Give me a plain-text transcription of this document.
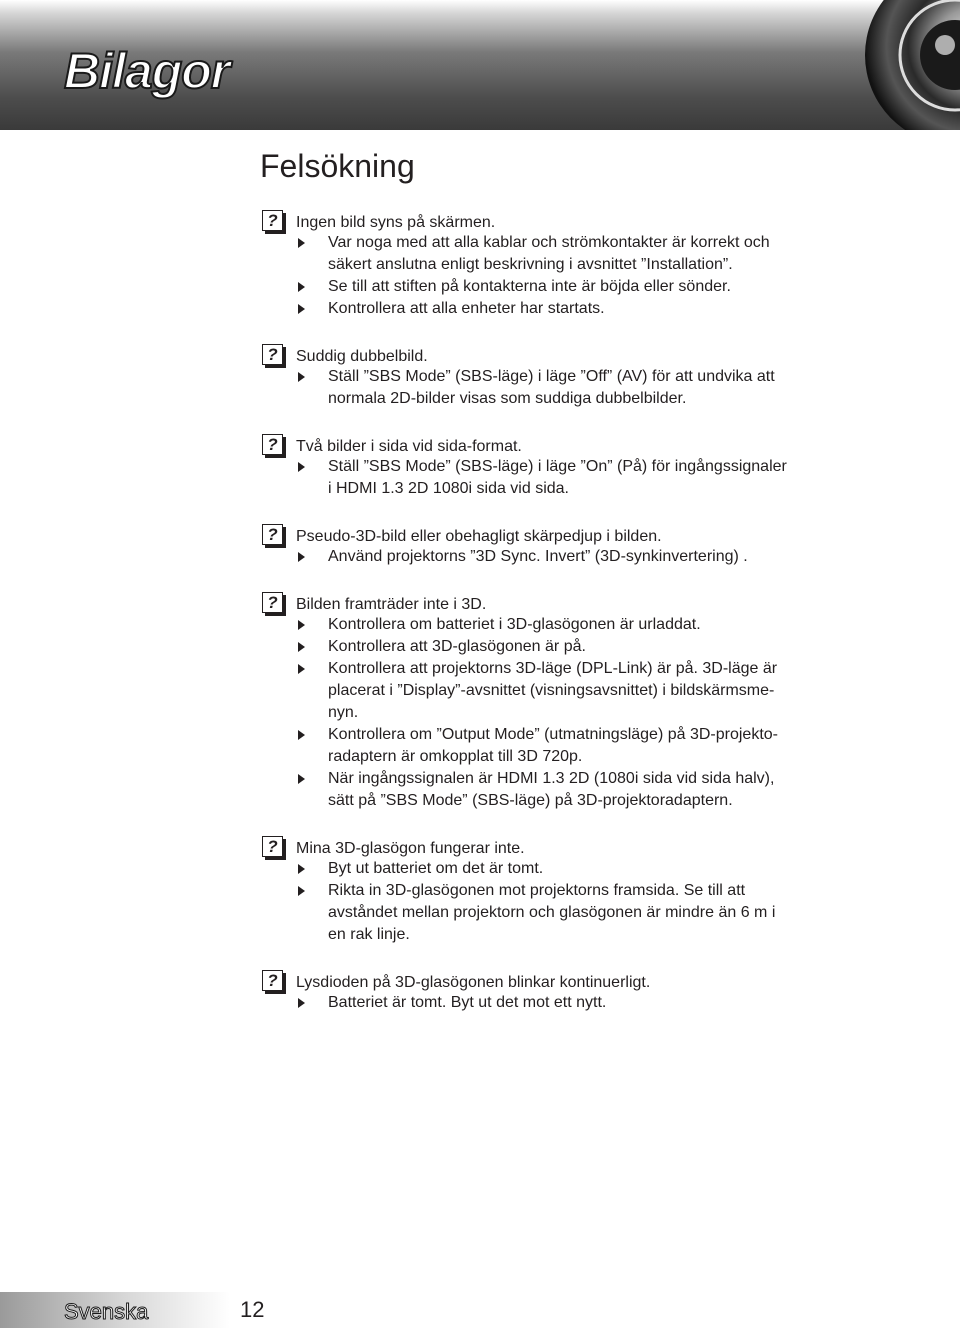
Bilagor
Felsökning
?	Ingen bild syns på skärmen.
Var noga med att alla kablar och strömkontakter är korrekt och
säkert anslutna enligt beskrivning i avsnittet ”Installation”.
Se till att stiften på kontakterna inte är böjda eller sönder.
Kontrollera att alla enheter har startats.
?	Suddig dubbelbild.
Ställ ”SBS Mode” (SBS-läge) i läge ”Off” (AV) för att undvika att
normala 2D-bilder visas som suddiga dubbelbilder.
?	Två bilder i sida vid sida-format.
Ställ ”SBS Mode” (SBS-läge) i läge ”On” (På) för ingångssignaler
i HDMI 1.3 2D 1080i sida vid sida.
?	Pseudo-3D-bild eller obehagligt skärpedjup i bilden.
Använd projektorns ”3D Sync. Invert” (3D-synkinvertering) .
?	Bilden framträder inte i 3D.
Kontrollera om batteriet i 3D-glasögonen är urladdat.
Kontrollera att 3D-glasögonen är på.
Kontrollera att projektorns 3D-läge (DPL-Link) är på. 3D-läge är
placerat i ”Display”-avsnittet (visningsavsnittet) i bildskärmsme-
nyn.
Kontrollera om ”Output Mode” (utmatningsläge) på 3D-projekto-
radaptern är omkopplat till 3D 720p.
När ingångssignalen är HDMI 1.3 2D (1080i sida vid sida halv),
sätt på ”SBS Mode” (SBS-läge) på 3D-projektoradaptern.
?	Mina 3D-glasögon fungerar inte.
Byt ut batteriet om det är tomt.
Rikta in 3D-glasögonen mot projektorns framsida. Se till att
avståndet mellan projektorn och glasögonen är mindre än 6 m i
en rak linje.
?	Lysdioden på 3D-glasögonen blinkar kontinuerligt.
Batteriet är tomt. Byt ut det mot ett nytt.
Svenska	12
